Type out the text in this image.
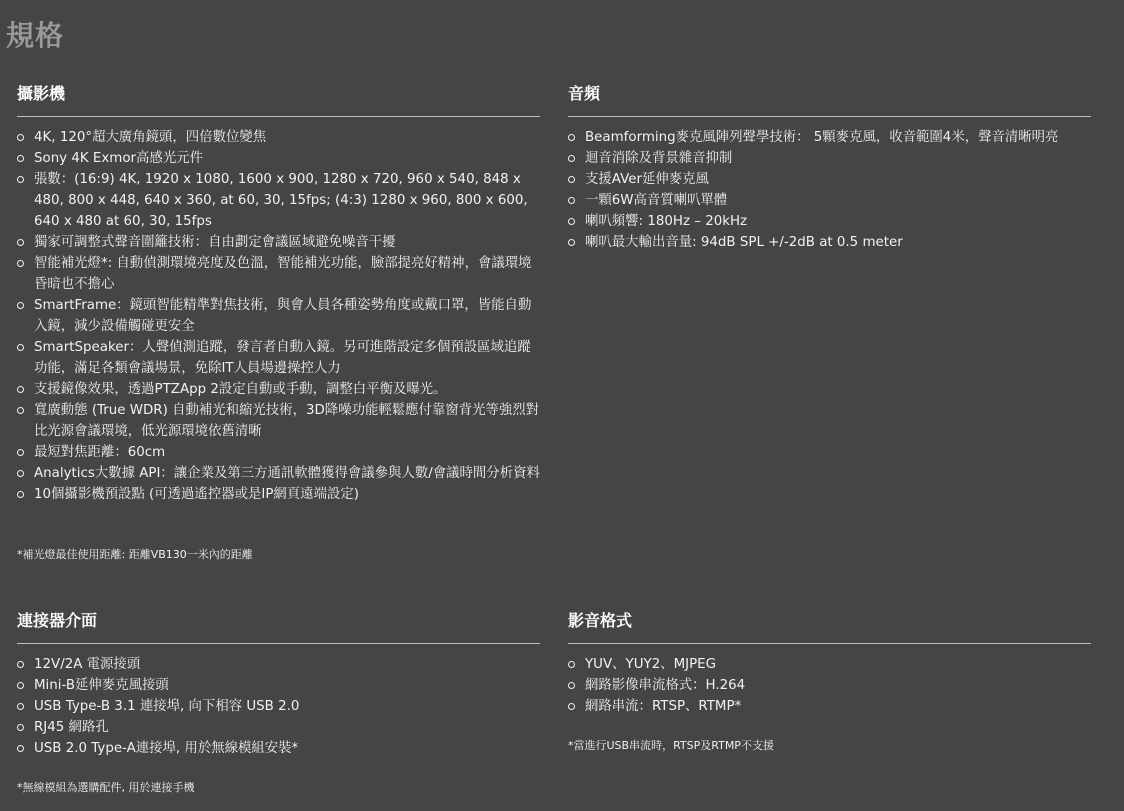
規格
攝影機
4K, 120°超大廣角鏡頭，四倍數位變焦
Sony 4K Exmor高感光元件
張數：(16:9) 4K, 1920 x 1080, 1600 x 900, 1280 x 720, 960 x 540, 848 x 480, 800 x 448, 640 x 360, at 60, 30, 15fps; (4:3) 1280 x 960, 800 x 600, 640 x 480 at 60, 30, 15fps
獨家可調整式聲音圍籬技術：自由劃定會議區域避免噪音干擾
智能補光燈*: 自動偵測環境亮度及色溫，智能補光功能，臉部提亮好精神，會議環境昏暗也不擔心
SmartFrame：鏡頭智能精準對焦技術，與會人員各種姿勢角度或戴口罩，皆能自動入鏡，減少設備觸碰更安全
SmartSpeaker：人聲偵測追蹤，發言者自動入鏡。另可進階設定多個預設區域追蹤功能，滿足各類會議場景，免除IT人員場邊操控人力
支援鏡像效果，透過PTZApp 2設定自動或手動，調整白平衡及曝光。
寬廣動態 (True WDR) 自動補光和縮光技術，3D降噪功能輕鬆應付靠窗背光等強烈對比光源會議環境，低光源環境依舊清晰
最短對焦距離：60cm
Analytics大數據 API：讓企業及第三方通訊軟體獲得會議參與人數/會議時間分析資料
10個攝影機預設點 (可透過遙控器或是IP網頁遠端設定)
*補光燈最佳使用距離: 距離VB130一米內的距離
音頻
Beamforming麥克風陣列聲學技術： 5顆麥克風，收音範圍4米，聲音清晰明亮
迴音消除及背景雜音抑制
支援AVer延伸麥克風
一顆6W高音質喇叭單體
喇叭頻響: 180Hz – 20kHz
喇叭最大輸出音量: 94dB SPL +/-2dB at 0.5 meter
連接器介面
12V/2A 電源接頭
Mini-B延伸麥克風接頭
USB Type-B 3.1 連接埠, 向下相容 USB 2.0
RJ45 網路孔
USB 2.0 Type-A連接埠, 用於無線模組安裝*
*無線模組為選購配件, 用於連接手機
影音格式
YUV、YUY2、MJPEG
網路影像串流格式：H.264
網路串流：RTSP、RTMP*
*當進行USB串流時，RTSP及RTMP不支援
